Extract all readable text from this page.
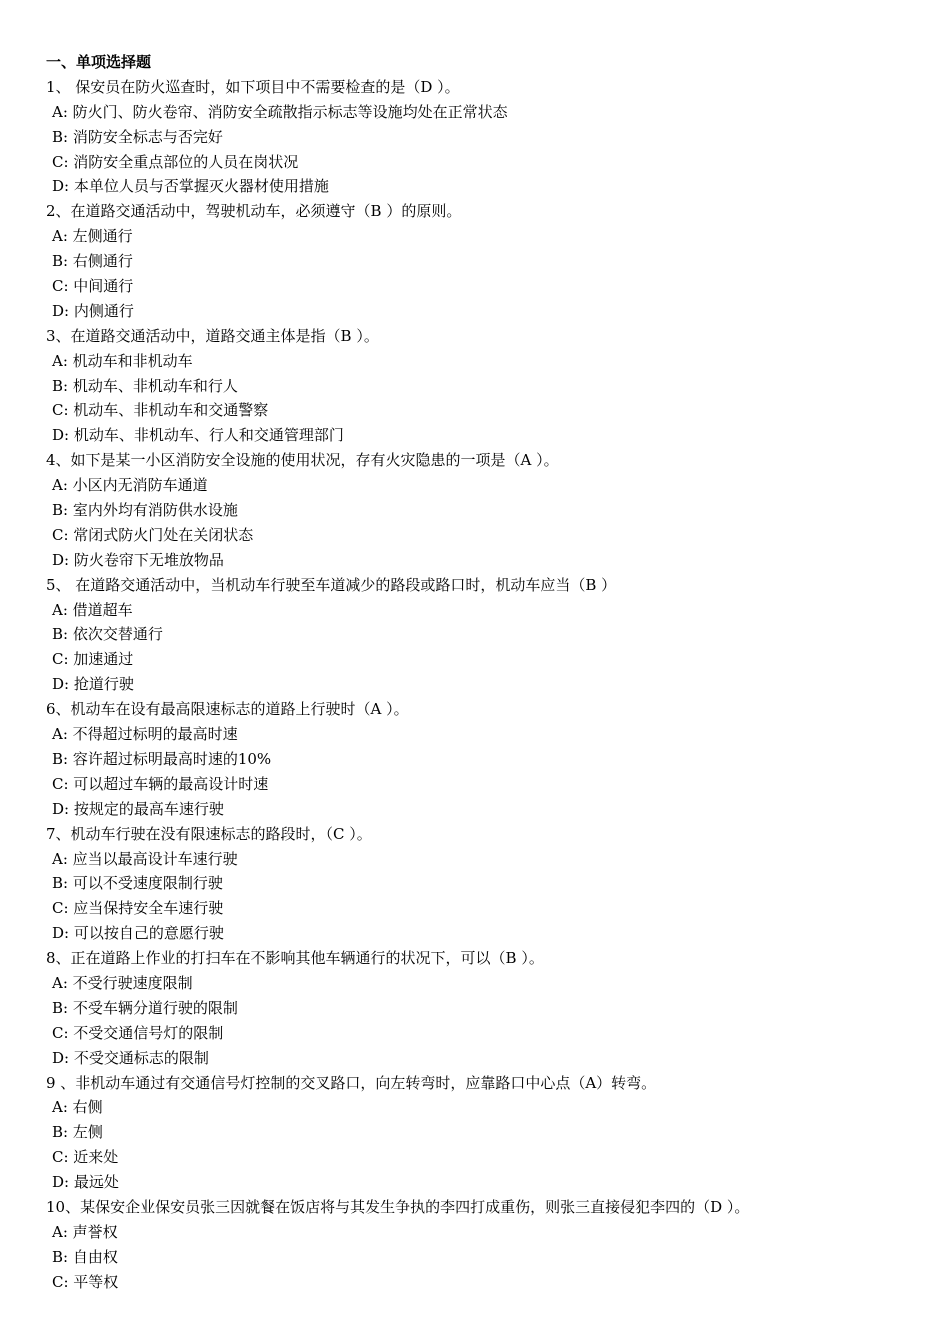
一、单项选择题
1、 保安员在防火巡查时，如下项目中不需要检查的是（D ）。
A: 防火门、防火卷帘、消防安全疏散指示标志等设施均处在正常状态
B: 消防安全标志与否完好
C: 消防安全重点部位的人员在岗状况
D: 本单位人员与否掌握灭火器材使用措施
2、在道路交通活动中，驾驶机动车，必须遵守（B ）的原则。
A: 左侧通行
B: 右侧通行
C: 中间通行
D: 内侧通行
3、在道路交通活动中，道路交通主体是指（B ）。
A: 机动车和非机动车
B: 机动车、非机动车和行人
C: 机动车、非机动车和交通警察
D: 机动车、非机动车、行人和交通管理部门
4、如下是某一小区消防安全设施的使用状况，存有火灾隐患的一项是（A ）。
A: 小区内无消防车通道
B: 室内外均有消防供水设施
C: 常闭式防火门处在关闭状态
D: 防火卷帘下无堆放物品
5、 在道路交通活动中，当机动车行驶至车道减少的路段或路口时，机动车应当（B ）
A: 借道超车
B: 依次交替通行
C: 加速通过
D: 抢道行驶
6、机动车在设有最高限速标志的道路上行驶时（A ）。
A: 不得超过标明的最高时速
B: 容许超过标明最高时速的10%
C: 可以超过车辆的最高设计时速
D: 按规定的最高车速行驶
7、机动车行驶在没有限速标志的路段时，（C ）。
A: 应当以最高设计车速行驶
B: 可以不受速度限制行驶
C: 应当保持安全车速行驶
D: 可以按自己的意愿行驶
8、正在道路上作业的打扫车在不影响其他车辆通行的状况下，可以（B ）。
A: 不受行驶速度限制
B: 不受车辆分道行驶的限制
C: 不受交通信号灯的限制
D: 不受交通标志的限制
9 、非机动车通过有交通信号灯控制的交叉路口，向左转弯时，应靠路口中心点（A）转弯。
A: 右侧
B: 左侧
C: 近来处
D: 最远处
10、某保安企业保安员张三因就餐在饭店将与其发生争执的李四打成重伤，则张三直接侵犯李四的（D ）。
A: 声誉权
B: 自由权
C: 平等权
